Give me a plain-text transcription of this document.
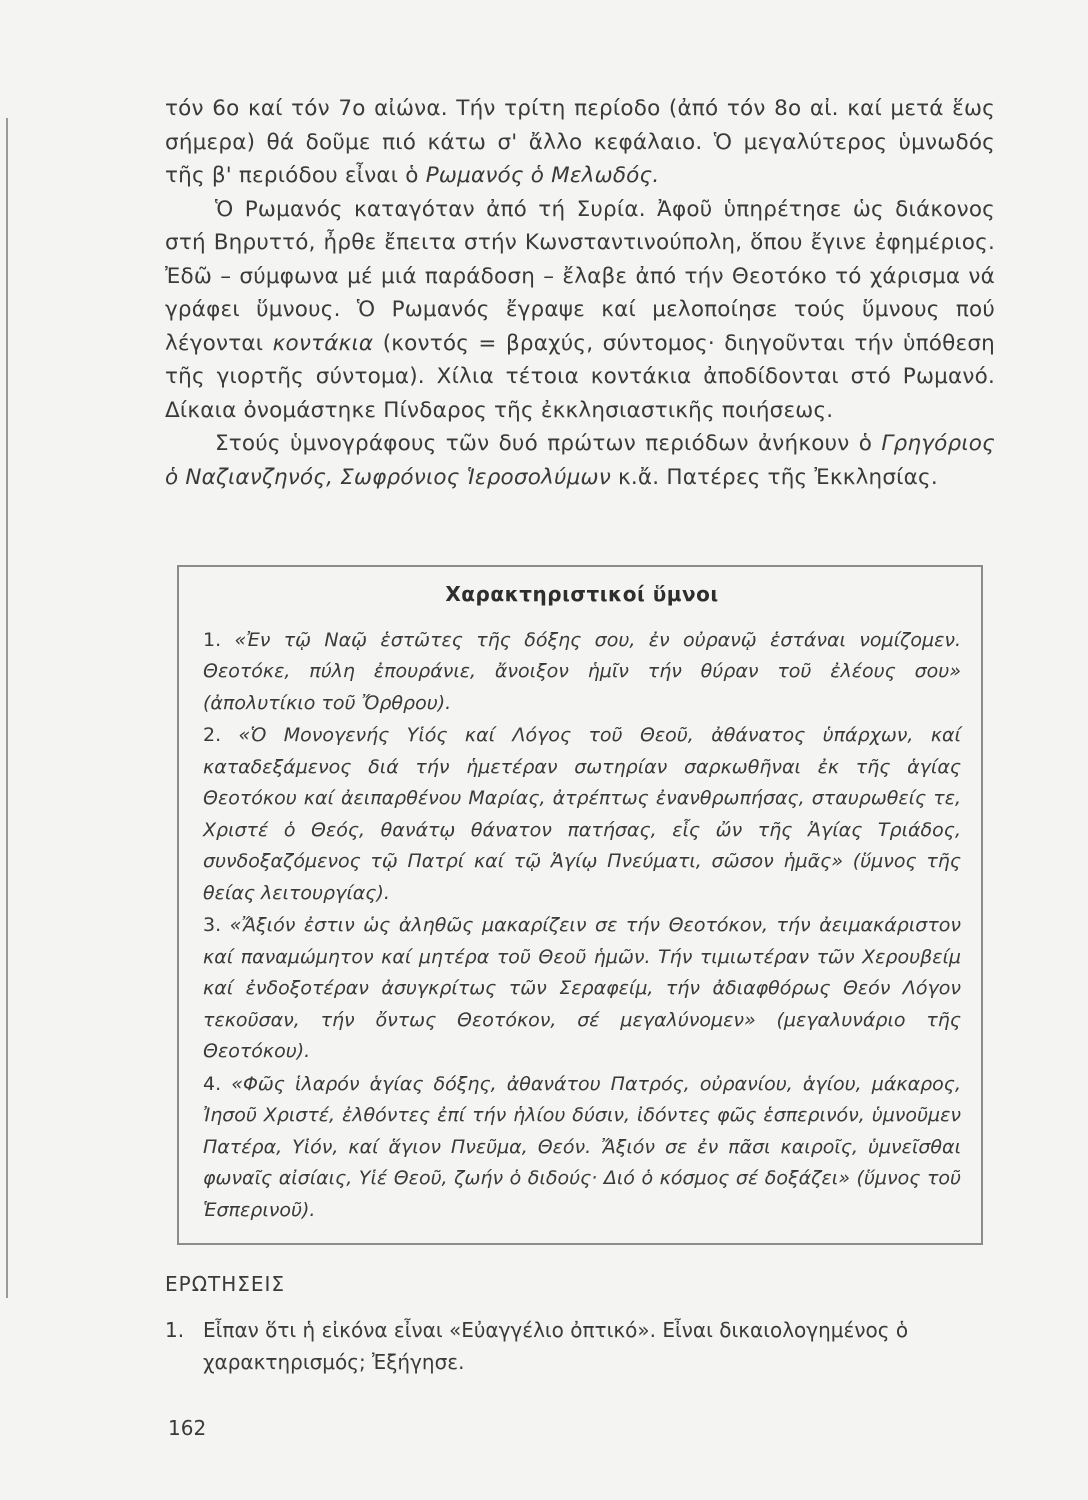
τόν 6ο καί τόν 7ο αἰώνα. Τήν τρίτη περίοδο (ἀπό τόν 8ο αἰ. καί μετά ἕως σήμερα) θά δοῦμε πιό κάτω σ' ἄλλο κεφάλαιο. Ὁ μεγαλύτερος ὑμνωδός τῆς β' περιόδου εἶναι ὁ Ρωμανός ὁ Μελωδός.

Ὁ Ρωμανός καταγόταν ἀπό τή Συρία. Ἀφοῦ ὑπηρέτησε ὡς διάκονος στή Βηρυττό, ἦρθε ἔπειτα στήν Κωνσταντινούπολη, ὅπου ἔγινε ἐφημέριος. Ἐδῶ – σύμφωνα μέ μιά παράδοση – ἔλαβε ἀπό τήν Θεοτόκο τό χάρισμα νά γράφει ὕμνους. Ὁ Ρωμανός ἔγραψε καί μελοποίησε τούς ὕμνους πού λέγονται κοντάκια (κοντός = βραχύς, σύντομος· διηγοῦνται τήν ὑπόθεση τῆς γιορτῆς σύντομα). Χίλια τέτοια κοντάκια ἀποδίδονται στό Ρωμανό. Δίκαια ὀνομάστηκε Πίνδαρος τῆς ἐκκλησιαστικῆς ποιήσεως.

Στούς ὑμνογράφους τῶν δυό πρώτων περιόδων ἀνήκουν ὁ Γρηγόριος ὁ Ναζιανζηνός, Σωφρόνιος Ἱεροσολύμων κ.ἄ. Πατέρες τῆς Ἐκκλησίας.

Χαρακτηριστικοί ὕμνοι

1. «Ἐν τῷ Ναῷ ἑστῶτες τῆς δόξης σου, ἐν οὐρανῷ ἑστάναι νομίζομεν. Θεοτόκε, πύλη ἐπουράνιε, ἄνοιξον ἡμῖν τήν θύραν τοῦ ἐλέους σου» (ἀπολυτίκιο τοῦ Ὄρθρου).

2. «Ὁ Μονογενής Υἱός καί Λόγος τοῦ Θεοῦ, ἀθάνατος ὑπάρχων, καί καταδεξάμενος διά τήν ἡμετέραν σωτηρίαν σαρκωθῆναι ἐκ τῆς ἁγίας Θεοτόκου καί ἀειπαρθένου Μαρίας, ἀτρέπτως ἐνανθρωπήσας, σταυρωθείς τε, Χριστέ ὁ Θεός, θανάτῳ θάνατον πατήσας, εἷς ὤν τῆς Ἁγίας Τριάδος, συνδοξαζόμενος τῷ Πατρί καί τῷ Ἁγίῳ Πνεύματι, σῶσον ἡμᾶς» (ὕμνος τῆς θείας λειτουργίας).

3. «Ἄξιόν ἐστιν ὡς ἀληθῶς μακαρίζειν σε τήν Θεοτόκον, τήν ἀειμακάριστον καί παναμώμητον καί μητέρα τοῦ Θεοῦ ἡμῶν. Τήν τιμιωτέραν τῶν Χερουβείμ καί ἐνδοξοτέραν ἀσυγκρίτως τῶν Σεραφείμ, τήν ἀδιαφθόρως Θεόν Λόγον τεκοῦσαν, τήν ὄντως Θεοτόκον, σέ μεγαλύνομεν» (μεγαλυνάριο τῆς Θεοτόκου).

4. «Φῶς ἱλαρόν ἁγίας δόξης, ἀθανάτου Πατρός, οὐρανίου, ἁγίου, μάκαρος, Ἰησοῦ Χριστέ, ἐλθόντες ἐπί τήν ἡλίου δύσιν, ἰδόντες φῶς ἑσπερινόν, ὑμνοῦμεν Πατέρα, Υἱόν, καί ἅγιον Πνεῦμα, Θεόν. Ἄξιόν σε ἐν πᾶσι καιροῖς, ὑμνεῖσθαι φωναῖς αἰσίαις, Υἱέ Θεοῦ, ζωήν ὁ διδούς· Διό ὁ κόσμος σέ δοξάζει» (ὕμνος τοῦ Ἑσπερινοῦ).

ΕΡΩΤΗΣΕΙΣ
1. Εἶπαν ὅτι ἡ εἰκόνα εἶναι «Εὐαγγέλιο ὀπτικό». Εἶναι δικαιολογημένος ὁ χαρακτηρισμός; Ἐξήγησε.
162
